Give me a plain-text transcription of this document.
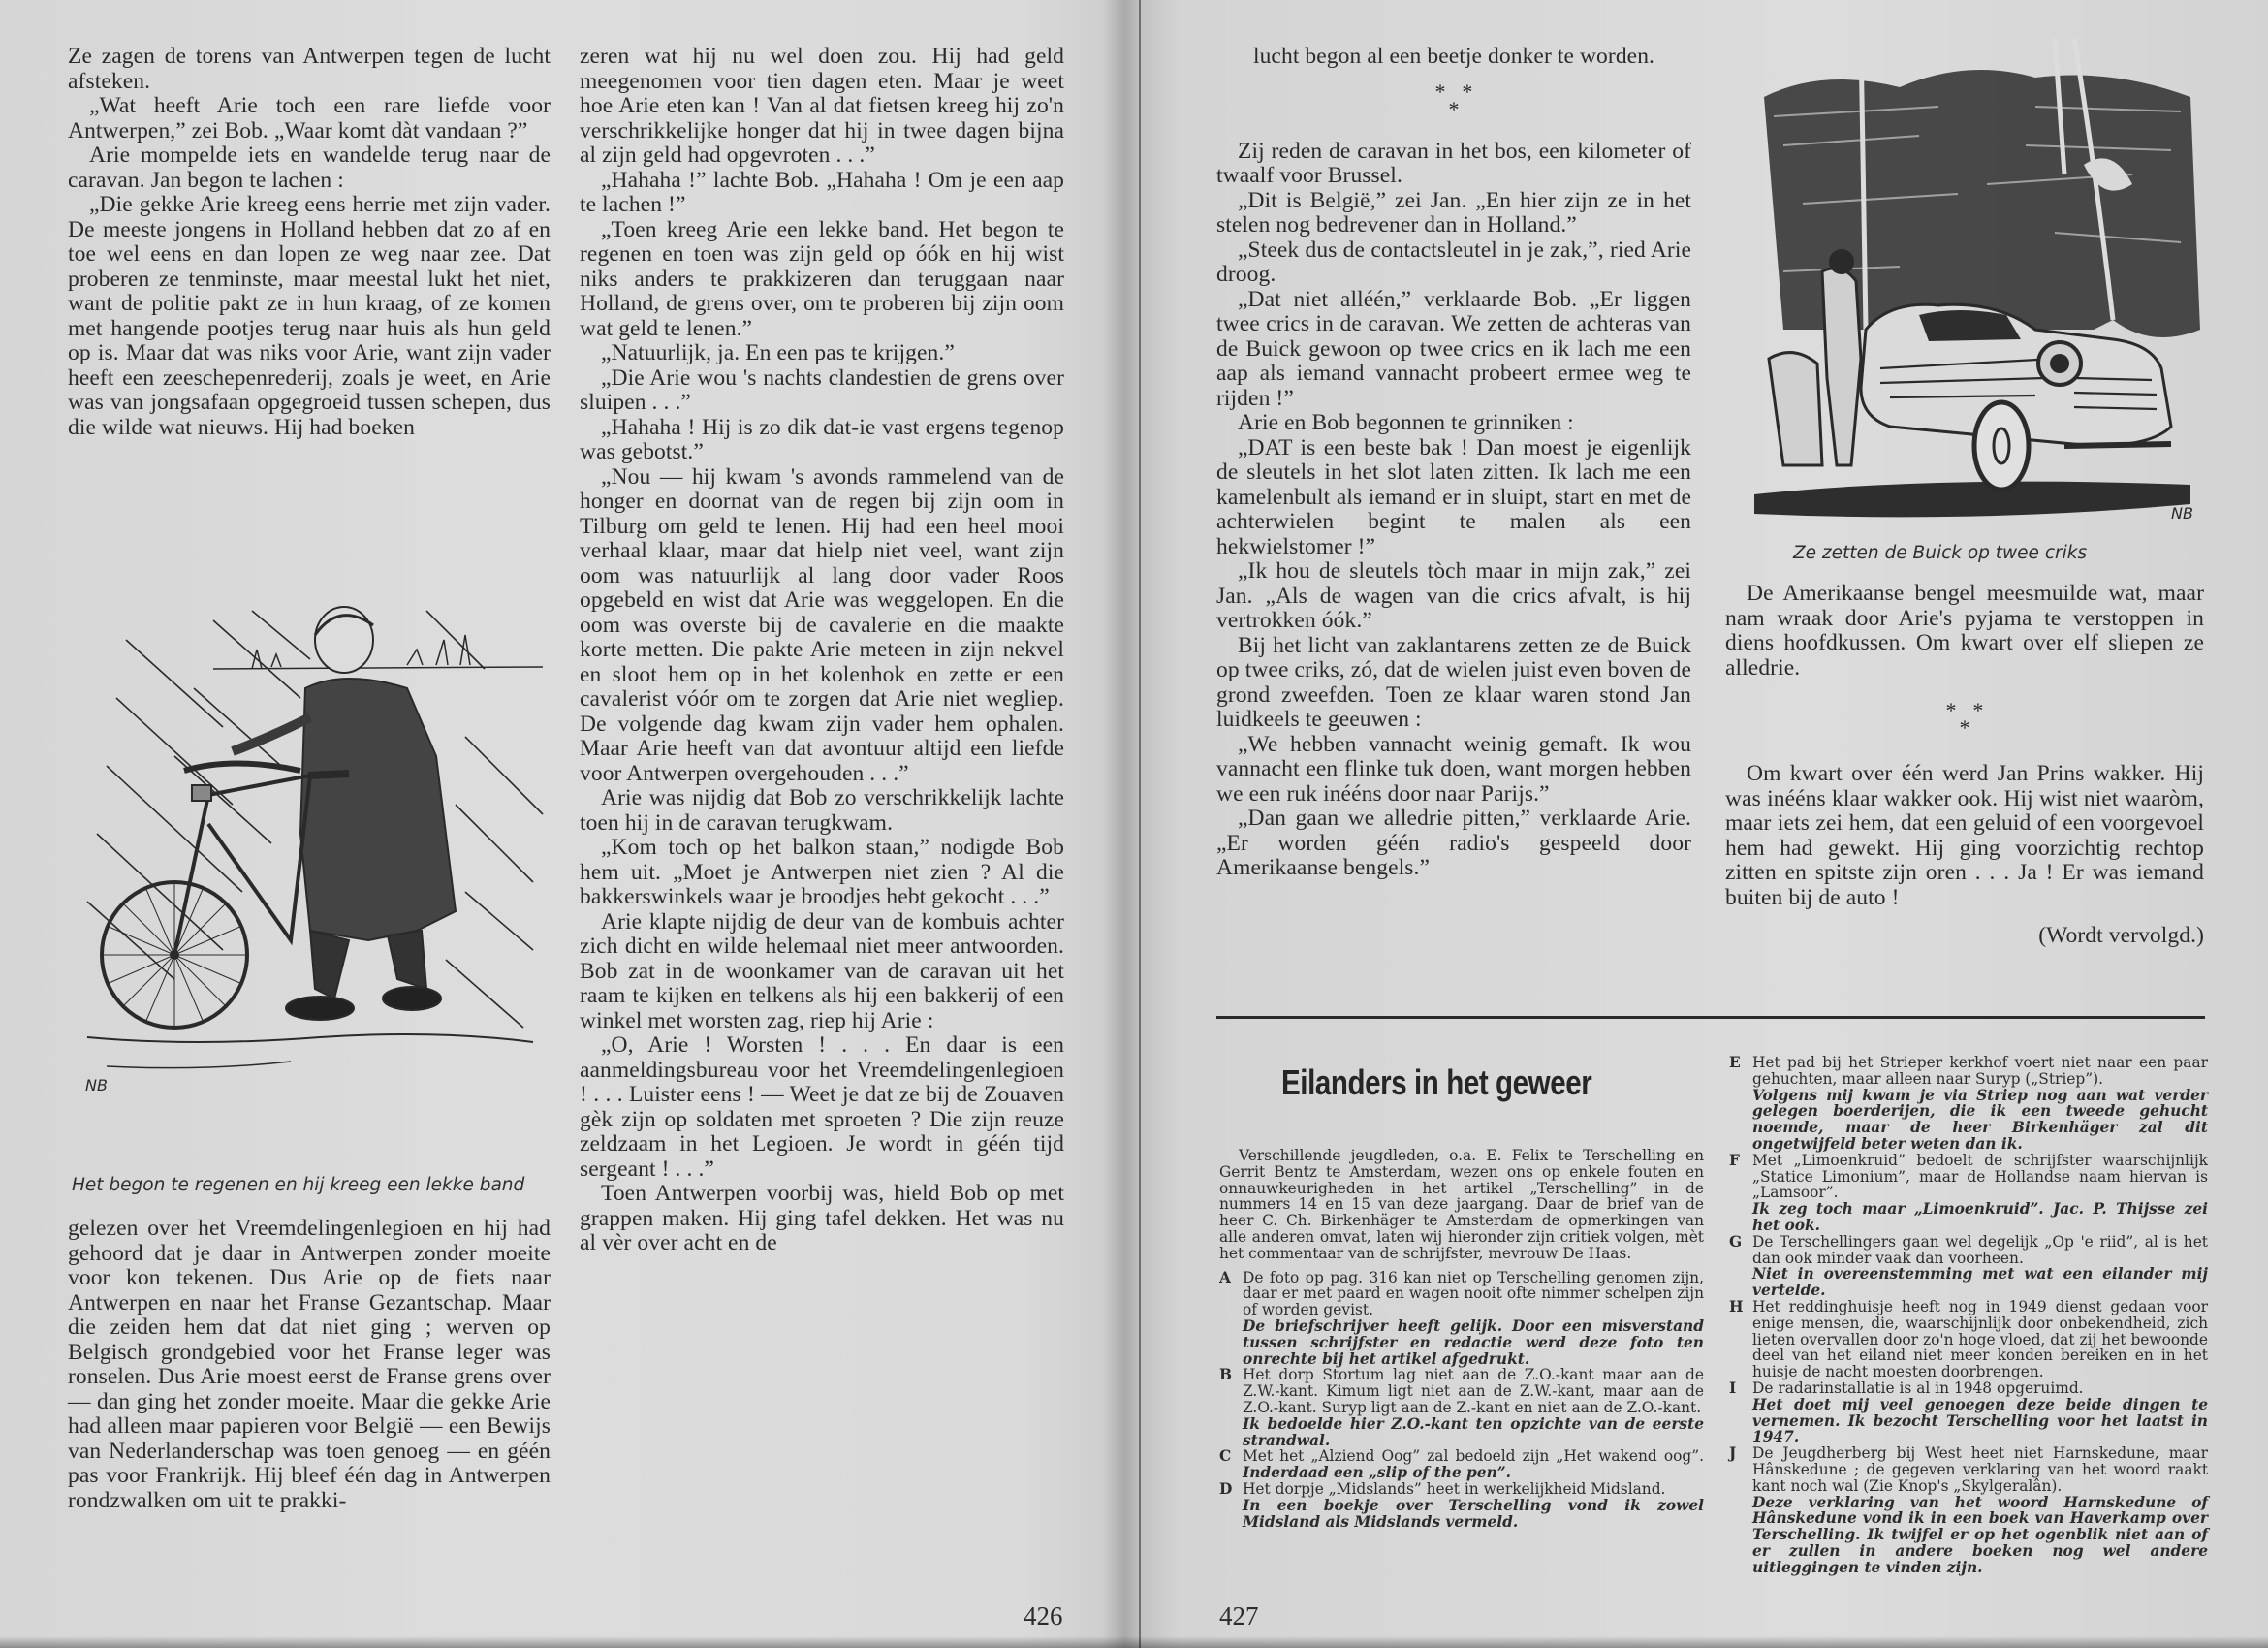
Ze zagen de torens van Antwerpen tegen de lucht afsteken.

„Wat heeft Arie toch een rare liefde voor Antwerpen,” zei Bob. „Waar komt dàt vandaan ?”

Arie mompelde iets en wandelde terug naar de caravan. Jan begon te lachen :

„Die gekke Arie kreeg eens herrie met zijn vader. De meeste jongens in Holland hebben dat zo af en toe wel eens en dan lopen ze weg naar zee. Dat proberen ze tenminste, maar meestal lukt het niet, want de politie pakt ze in hun kraag, of ze komen met hangende pootjes terug naar huis als hun geld op is. Maar dat was niks voor Arie, want zijn vader heeft een zeeschepenrederij, zoals je weet, en Arie was van jongsafaan opgegroeid tussen schepen, dus die wilde wat nieuws. Hij had boeken

NB
Het begon te regenen en hij kreeg een lekke band

gelezen over het Vreemdelingenlegioen en hij had gehoord dat je daar in Antwerpen zonder moeite voor kon tekenen. Dus Arie op de fiets naar Antwerpen en naar het Franse Gezantschap. Maar die zeiden hem dat dat niet ging ; werven op Belgisch grondgebied voor het Franse leger was ronselen. Dus Arie moest eerst de Franse grens over — dan ging het zonder moeite. Maar die gekke Arie had alleen maar papieren voor België — een Bewijs van Nederlanderschap was toen genoeg — en géén pas voor Frankrijk. Hij bleef één dag in Antwerpen rondzwalken om uit te prakki-

zeren wat hij nu wel doen zou. Hij had geld meegenomen voor tien dagen eten. Maar je weet hoe Arie eten kan ! Van al dat fietsen kreeg hij zo'n verschrikkelijke honger dat hij in twee dagen bijna al zijn geld had opgevroten . . .”

„Hahaha !” lachte Bob. „Hahaha ! Om je een aap te lachen !”

„Toen kreeg Arie een lekke band. Het begon te regenen en toen was zijn geld op óók en hij wist niks anders te prakkizeren dan teruggaan naar Holland, de grens over, om te proberen bij zijn oom wat geld te lenen.”

„Natuurlijk, ja. En een pas te krijgen.”

„Die Arie wou 's nachts clandestien de grens over sluipen . . .”

„Hahaha ! Hij is zo dik dat-ie vast ergens tegenop was gebotst.”

„Nou — hij kwam 's avonds rammelend van de honger en doornat van de regen bij zijn oom in Tilburg om geld te lenen. Hij had een heel mooi verhaal klaar, maar dat hielp niet veel, want zijn oom was natuurlijk al lang door vader Roos opgebeld en wist dat Arie was weggelopen. En die oom was overste bij de cavalerie en die maakte korte metten. Die pakte Arie meteen in zijn nekvel en sloot hem op in het kolenhok en zette er een cavalerist vóór om te zorgen dat Arie niet wegliep. De volgende dag kwam zijn vader hem ophalen. Maar Arie heeft van dat avontuur altijd een liefde voor Antwerpen overgehouden . . .”

Arie was nijdig dat Bob zo verschrikkelijk lachte toen hij in de caravan terugkwam.

„Kom toch op het balkon staan,” nodigde Bob hem uit. „Moet je Antwerpen niet zien ? Al die bakkerswinkels waar je broodjes hebt gekocht . . .”

Arie klapte nijdig de deur van de kombuis achter zich dicht en wilde helemaal niet meer antwoorden. Bob zat in de woonkamer van de caravan uit het raam te kijken en telkens als hij een bakkerij of een winkel met worsten zag, riep hij Arie :

„O, Arie ! Worsten ! . . . En daar is een aanmeldingsbureau voor het Vreemdelingenlegioen ! . . . Luister eens ! — Weet je dat ze bij de Zouaven gèk zijn op soldaten met sproeten ? Die zijn reuze zeldzaam in het Legioen. Je wordt in géén tijd sergeant ! . . .”

Toen Antwerpen voorbij was, hield Bob op met grappen maken. Hij ging tafel dekken. Het was nu al vèr over acht en de

426

lucht begon al een beetje donker te worden.

* *
*

Zij reden de caravan in het bos, een kilometer of twaalf voor Brussel.

„Dit is België,” zei Jan. „En hier zijn ze in het stelen nog bedrevener dan in Holland.”

„Steek dus de contactsleutel in je zak,”, ried Arie droog.

„Dat niet alléén,” verklaarde Bob. „Er liggen twee crics in de caravan. We zetten de achteras van de Buick gewoon op twee crics en ik lach me een aap als iemand vannacht probeert ermee weg te rijden !”

Arie en Bob begonnen te grinniken :

„DAT is een beste bak ! Dan moest je eigenlijk de sleutels in het slot laten zitten. Ik lach me een kamelenbult als iemand er in sluipt, start en met de achterwielen begint te malen als een hekwielstomer !”

„Ik hou de sleutels tòch maar in mijn zak,” zei Jan. „Als de wagen van die crics afvalt, is hij vertrokken óók.”

Bij het licht van zaklantarens zetten ze de Buick op twee criks, zó, dat de wielen juist even boven de grond zweefden. Toen ze klaar waren stond Jan luidkeels te geeuwen :

„We hebben vannacht weinig gemaft. Ik wou vannacht een flinke tuk doen, want morgen hebben we een ruk inééns door naar Parijs.”

„Dan gaan we alledrie pitten,” verklaarde Arie. „Er worden géén radio's gespeeld door Amerikaanse bengels.”

NB
Ze zetten de Buick op twee criks

De Amerikaanse bengel meesmuilde wat, maar nam wraak door Arie's pyjama te verstoppen in diens hoofdkussen. Om kwart over elf sliepen ze alledrie.

* *
*

Om kwart over één werd Jan Prins wakker. Hij was inééns klaar wakker ook. Hij wist niet waaròm, maar iets zei hem, dat een geluid of een voorgevoel hem had gewekt. Hij ging voorzichtig rechtop zitten en spitste zijn oren . . . Ja ! Er was iemand buiten bij de auto !

(Wordt vervolgd.)

Eilanders in het geweer

Verschillende jeugdleden, o.a. E. Felix te Terschelling en Gerrit Bentz te Amsterdam, wezen ons op enkele fouten en onnauwkeurigheden in het artikel „Terschelling” in de nummers 14 en 15 van deze jaargang. Daar de brief van de heer C. Ch. Birkenhäger te Amsterdam de opmerkingen van alle anderen omvat, laten wij hieronder zijn critiek volgen, mèt het commentaar van de schrijfster, mevrouw De Haas.

A De foto op pag. 316 kan niet op Terschelling genomen zijn, daar er met paard en wagen nooit ofte nimmer schelpen zijn of worden gevist.
De briefschrijver heeft gelijk. Door een misverstand tussen schrijfster en redactie werd deze foto ten onrechte bij het artikel afgedrukt.

B Het dorp Stortum lag niet aan de Z.O.-kant maar aan de Z.W.-kant. Kimum ligt niet aan de Z.W.-kant, maar aan de Z.O.-kant. Suryp ligt aan de Z.-kant en niet aan de Z.O.-kant.
Ik bedoelde hier Z.O.-kant ten opzichte van de eerste strandwal.

C Met het „Alziend Oog” zal bedoeld zijn „Het wakend oog”. Inderdaad een „slip of the pen”.

D Het dorpje „Midslands” heet in werkelijkheid Midsland.
In een boekje over Terschelling vond ik zowel Midsland als Midslands vermeld.

E Het pad bij het Strieper kerkhof voert niet naar een paar gehuchten, maar alleen naar Suryp („Striep”).
Volgens mij kwam je via Striep nog aan wat verder gelegen boerderijen, die ik een tweede gehucht noemde, maar de heer Birkenhäger zal dit ongetwijfeld beter weten dan ik.

F Met „Limoenkruid” bedoelt de schrijfster waarschijnlijk „Statice Limonium”, maar de Hollandse naam hiervan is „Lamsoor”.
Ik zeg toch maar „Limoenkruid”. Jac. P. Thijsse zei het ook.

G De Terschellingers gaan wel degelijk „Op 'e riid”, al is het dan ook minder vaak dan voorheen.
Niet in overeenstemming met wat een eilander mij vertelde.

H Het reddinghuisje heeft nog in 1949 dienst gedaan voor enige mensen, die, waarschijnlijk door onbekendheid, zich lieten overvallen door zo'n hoge vloed, dat zij het bewoonde deel van het eiland niet meer konden bereiken en in het huisje de nacht moesten doorbrengen.

I De radarinstallatie is al in 1948 opgeruimd.
Het doet mij veel genoegen deze beide dingen te vernemen. Ik bezocht Terschelling voor het laatst in 1947.

J De Jeugdherberg bij West heet niet Harnskedune, maar Hânskedune ; de gegeven verklaring van het woord raakt kant noch wal (Zie Knop's „Skylgeralân).
Deze verklaring van het woord Harnskedune of Hânskedune vond ik in een boek van Haverkamp over Terschelling. Ik twijfel er op het ogenblik niet aan of er zullen in andere boeken nog wel andere uitleggingen te vinden zijn.

427
